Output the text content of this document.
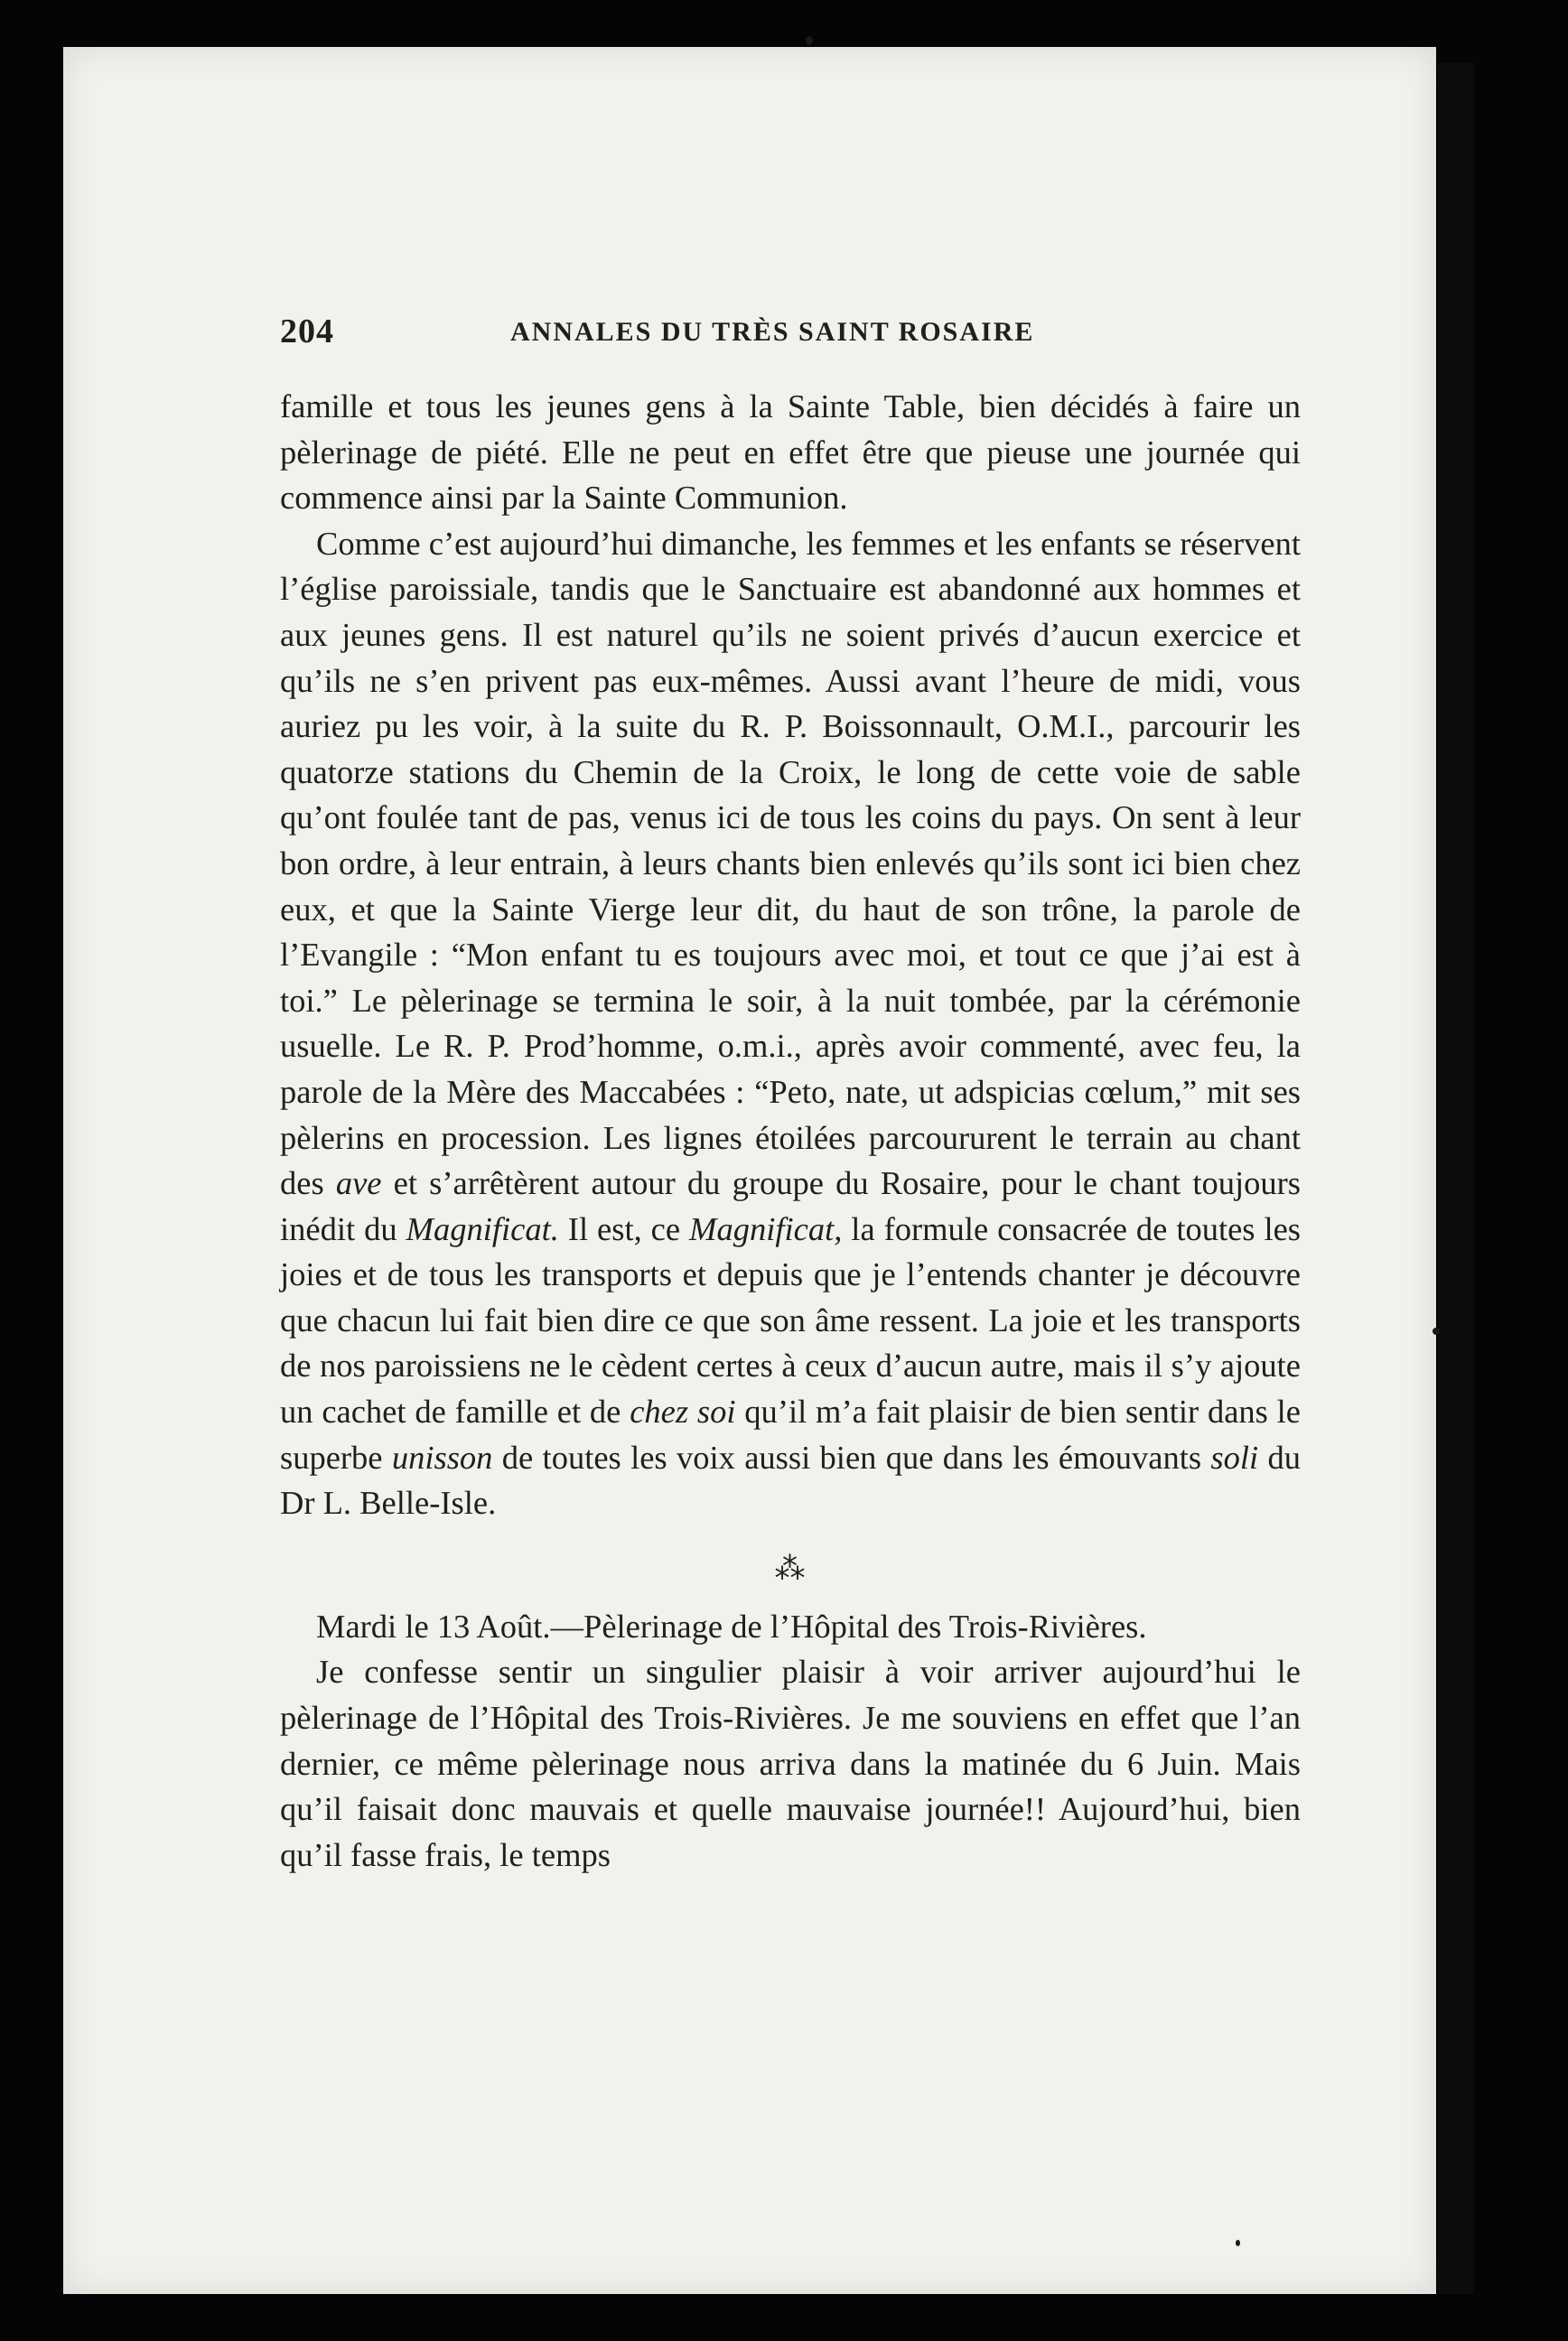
204	ANNALES DU TRÈS SAINT ROSAIRE

famille et tous les jeunes gens à la Sainte Table, bien décidés à faire un pèlerinage de piété. Elle ne peut en effet être que pieuse une journée qui commence ainsi par la Sainte Communion.

Comme c’est aujourd’hui dimanche, les femmes et les enfants se réservent l’église paroissiale, tandis que le Sanctuaire est abandonné aux hommes et aux jeunes gens. Il est naturel qu’ils ne soient privés d’aucun exercice et qu’ils ne s’en privent pas eux-mêmes. Aussi avant l’heure de midi, vous auriez pu les voir, à la suite du R. P. Boissonnault, O.M.I., parcourir les quatorze stations du Chemin de la Croix, le long de cette voie de sable qu’ont foulée tant de pas, venus ici de tous les coins du pays. On sent à leur bon ordre, à leur entrain, à leurs chants bien enlevés qu’ils sont ici bien chez eux, et que la Sainte Vierge leur dit, du haut de son trône, la parole de l’Evangile : “Mon enfant tu es toujours avec moi, et tout ce que j’ai est à toi.” Le pèlerinage se termina le soir, à la nuit tombée, par la cérémonie usuelle. Le R. P. Prod’homme, o.m.i., après avoir commenté, avec feu, la parole de la Mère des Maccabées : “Peto, nate, ut adspicias cœlum,” mit ses pèlerins en procession. Les lignes étoilées parcoururent le terrain au chant des ave et s’arrêtèrent autour du groupe du Rosaire, pour le chant toujours inédit du Magnificat. Il est, ce Magnificat, la formule consacrée de toutes les joies et de tous les transports et depuis que je l’entends chanter je découvre que chacun lui fait bien dire ce que son âme ressent. La joie et les transports de nos paroissiens ne le cèdent certes à ceux d’aucun autre, mais il s’y ajoute un cachet de famille et de chez soi qu’il m’a fait plaisir de bien sentir dans le superbe unisson de toutes les voix aussi bien que dans les émouvants soli du Dr L. Belle-Isle.

⁂

Mardi le 13 Août.—Pèlerinage de l’Hôpital des Trois-Rivières.

Je confesse sentir un singulier plaisir à voir arriver aujourd’hui le pèlerinage de l’Hôpital des Trois-Rivières. Je me souviens en effet que l’an dernier, ce même pèlerinage nous arriva dans la matinée du 6 Juin. Mais qu’il faisait donc mauvais et quelle mauvaise journée!! Aujourd’hui, bien qu’il fasse frais, le temps
